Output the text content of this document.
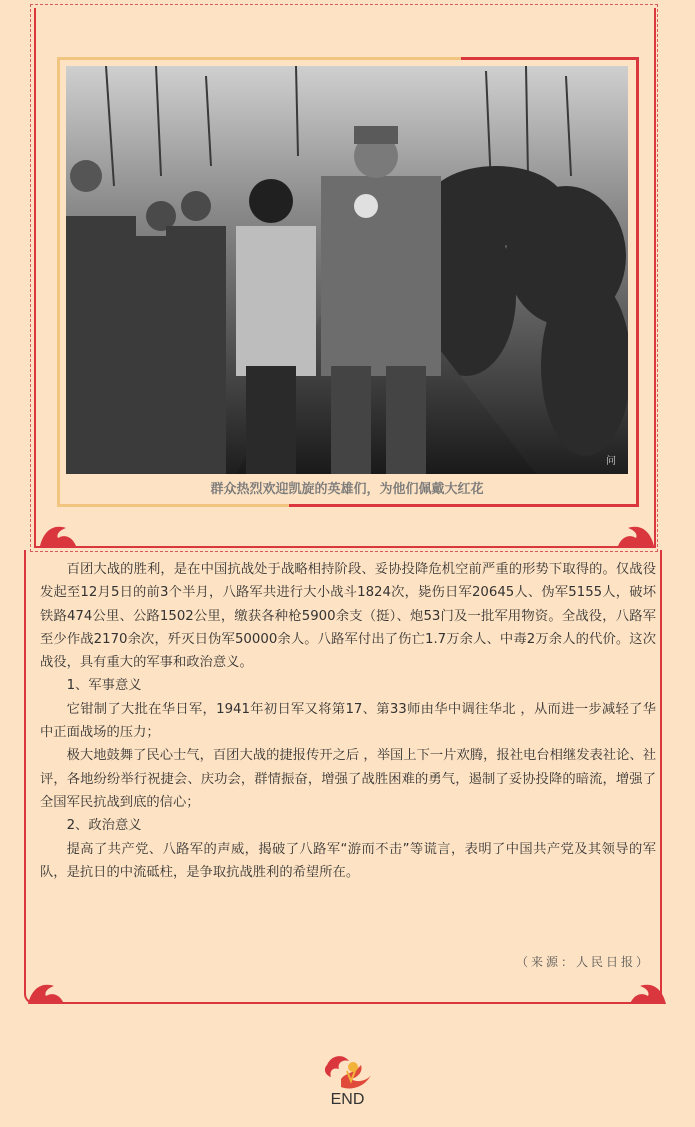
问
群众热烈欢迎凯旋的英雄们，为他们佩戴大红花

百团大战的胜利，是在中国抗战处于战略相持阶段、妥协投降危机空前严重的形势下取得的。仅战役发起至12月5日的前3个半月，八路军共进行大小战斗1824次，毙伤日军20645人、伪军5155人，破坏铁路474公里、公路1502公里，缴获各种枪5900余支（挺）、炮53门及一批军用物资。全战役，八路军至少作战2170余次，歼灭日伪军50000余人。八路军付出了伤亡1.7万余人、中毒2万余人的代价。这次战役，具有重大的军事和政治意义。

1、军事意义

它钳制了大批在华日军，1941年初日军又将第17、第33师由华中调往华北 ，从而进一步减轻了华中正面战场的压力；

极大地鼓舞了民心士气，百团大战的捷报传开之后 ，举国上下一片欢腾，报社电台相继发表社论、社评，各地纷纷举行祝捷会、庆功会，群情振奋，增强了战胜困难的勇气，遏制了妥协投降的暗流，增强了全国军民抗战到底的信心；

2、政治意义

提高了共产党、八路军的声威，揭破了八路军“游而不击”等谎言，表明了中国共产党及其领导的军队，是抗日的中流砥柱，是争取抗战胜利的希望所在。

（来源：人民日报）
END
